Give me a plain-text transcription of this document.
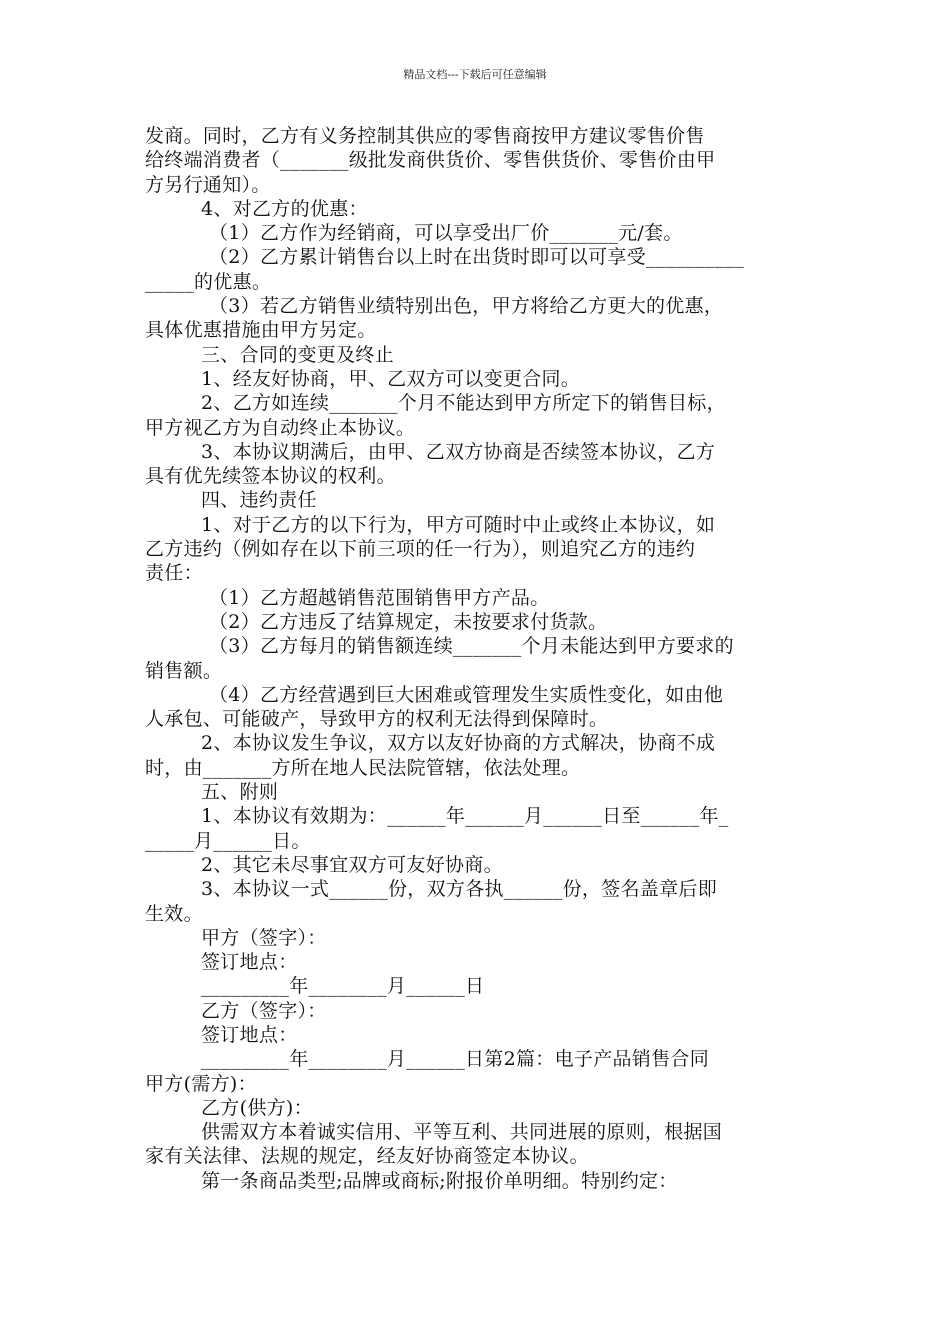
精品文档---下载后可任意编辑

发商。同时，乙方有义务控制其供应的零售商按甲方建议零售价售

给终端消费者（_______级批发商供货价、零售供货价、零售价由甲

方另行通知）。

4、对乙方的优惠：

（1）乙方作为经销商，可以享受出厂价_______元/套。

（2）乙方累计销售台以上时在出货时即可以可享受__________

_____的优惠。

（3）若乙方销售业绩特别出色，甲方将给乙方更大的优惠，

具体优惠措施由甲方另定。

三、合同的变更及终止

1、经友好协商，甲、乙双方可以变更合同。

2、乙方如连续_______个月不能达到甲方所定下的销售目标，

甲方视乙方为自动终止本协议。

3、本协议期满后，由甲、乙双方协商是否续签本协议，乙方

具有优先续签本协议的权利。

四、违约责任

1、对于乙方的以下行为，甲方可随时中止或终止本协议，如

乙方违约（例如存在以下前三项的任一行为），则追究乙方的违约

责任：

（1）乙方超越销售范围销售甲方产品。

（2）乙方违反了结算规定，未按要求付货款。

（3）乙方每月的销售额连续_______个月未能达到甲方要求的

销售额。

（4）乙方经营遇到巨大困难或管理发生实质性变化，如由他

人承包、可能破产，导致甲方的权利无法得到保障时。

2、本协议发生争议，双方以友好协商的方式解决，协商不成

时，由_______方所在地人民法院管辖，依法处理。

五、附则

1、本协议有效期为：______年______月______日至______年_

_____月______日。

2、其它未尽事宜双方可友好协商。

3、本协议一式______份，双方各执______份，签名盖章后即

生效。

甲方（签字）：

签订地点：

_________年________月______日

乙方（签字）：

签订地点：

_________年________月______日第2篇：电子产品销售合同

甲方(需方)：

乙方(供方)：

供需双方本着诚实信用、平等互利、共同进展的原则，根据国

家有关法律、法规的规定，经友好协商签定本协议。

第一条商品类型;品牌或商标;附报价单明细。特别约定：
